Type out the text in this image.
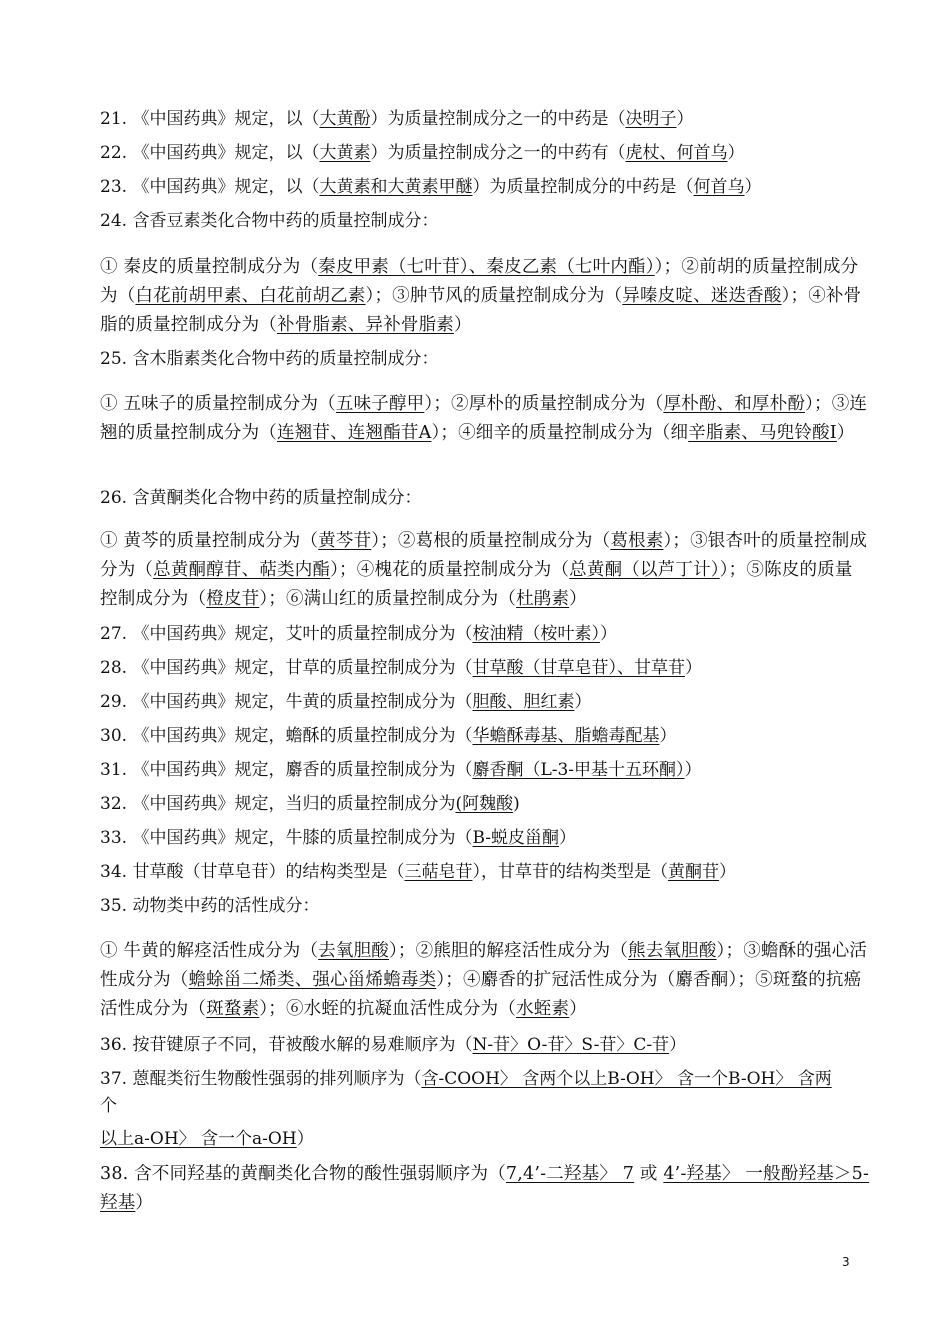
21. 《中国药典》规定，以（大黄酚）为质量控制成分之一的中药是（决明子）
22. 《中国药典》规定，以（大黄素）为质量控制成分之一的中药有（虎杖、何首乌）
23. 《中国药典》规定，以（大黄素和大黄素甲醚）为质量控制成分的中药是（何首乌）
24. 含香豆素类化合物中药的质量控制成分：
① 秦皮的质量控制成分为（秦皮甲素（七叶苷）、秦皮乙素（七叶内酯））；②前胡的质量控制成分为（白花前胡甲素、白花前胡乙素）；③肿节风的质量控制成分为（异嗪皮啶、迷迭香酸）；④补骨脂的质量控制成分为（补骨脂素、异补骨脂素）
25. 含木脂素类化合物中药的质量控制成分：
① 五味子的质量控制成分为（五味子醇甲）；②厚朴的质量控制成分为（厚朴酚、和厚朴酚）；③连翘的质量控制成分为（连翘苷、连翘酯苷A）；④细辛的质量控制成分为（细辛脂素、马兜铃酸I）
26. 含黄酮类化合物中药的质量控制成分：
① 黄芩的质量控制成分为（黄芩苷）；②葛根的质量控制成分为（葛根素）；③银杏叶的质量控制成分为（总黄酮醇苷、萜类内酯）；④槐花的质量控制成分为（总黄酮（以芦丁计））；⑤陈皮的质量控制成分为（橙皮苷）；⑥满山红的质量控制成分为（杜鹃素）
27. 《中国药典》规定，艾叶的质量控制成分为（桉油精（桉叶素））
28. 《中国药典》规定，甘草的质量控制成分为（甘草酸（甘草皂苷）、甘草苷）
29. 《中国药典》规定，牛黄的质量控制成分为（胆酸、胆红素）
30. 《中国药典》规定，蟾酥的质量控制成分为（华蟾酥毒基、脂蟾毒配基）
31. 《中国药典》规定，麝香的质量控制成分为（麝香酮（L-3-甲基十五环酮））
32. 《中国药典》规定，当归的质量控制成分为(阿魏酸)
33. 《中国药典》规定，牛膝的质量控制成分为（B-蜕皮甾酮）
34. 甘草酸（甘草皂苷）的结构类型是（三萜皂苷），甘草苷的结构类型是（黄酮苷）
35. 动物类中药的活性成分：
① 牛黄的解痉活性成分为（去氧胆酸）；②熊胆的解痉活性成分为（熊去氧胆酸）；③蟾酥的强心活性成分为（蟾蜍甾二烯类、强心甾烯蟾毒类）；④麝香的扩冠活性成分为（麝香酮）；⑤斑蝥的抗癌活性成分为（斑蝥素）；⑥水蛭的抗凝血活性成分为（水蛭素）
36. 按苷键原子不同，苷被酸水解的易难顺序为（N-苷〉O-苷〉S-苷〉C-苷）
37. 蒽醌类衍生物酸性强弱的排列顺序为（含-COOH〉 含两个以上B-OH〉 含一个B-OH〉 含两
个
以上a-OH〉 含一个a-OH）
38. 含不同羟基的黄酮类化合物的酸性强弱顺序为（7,4’-二羟基〉 7 或 4’-羟基〉 一般酚羟基＞5-羟基）
3
